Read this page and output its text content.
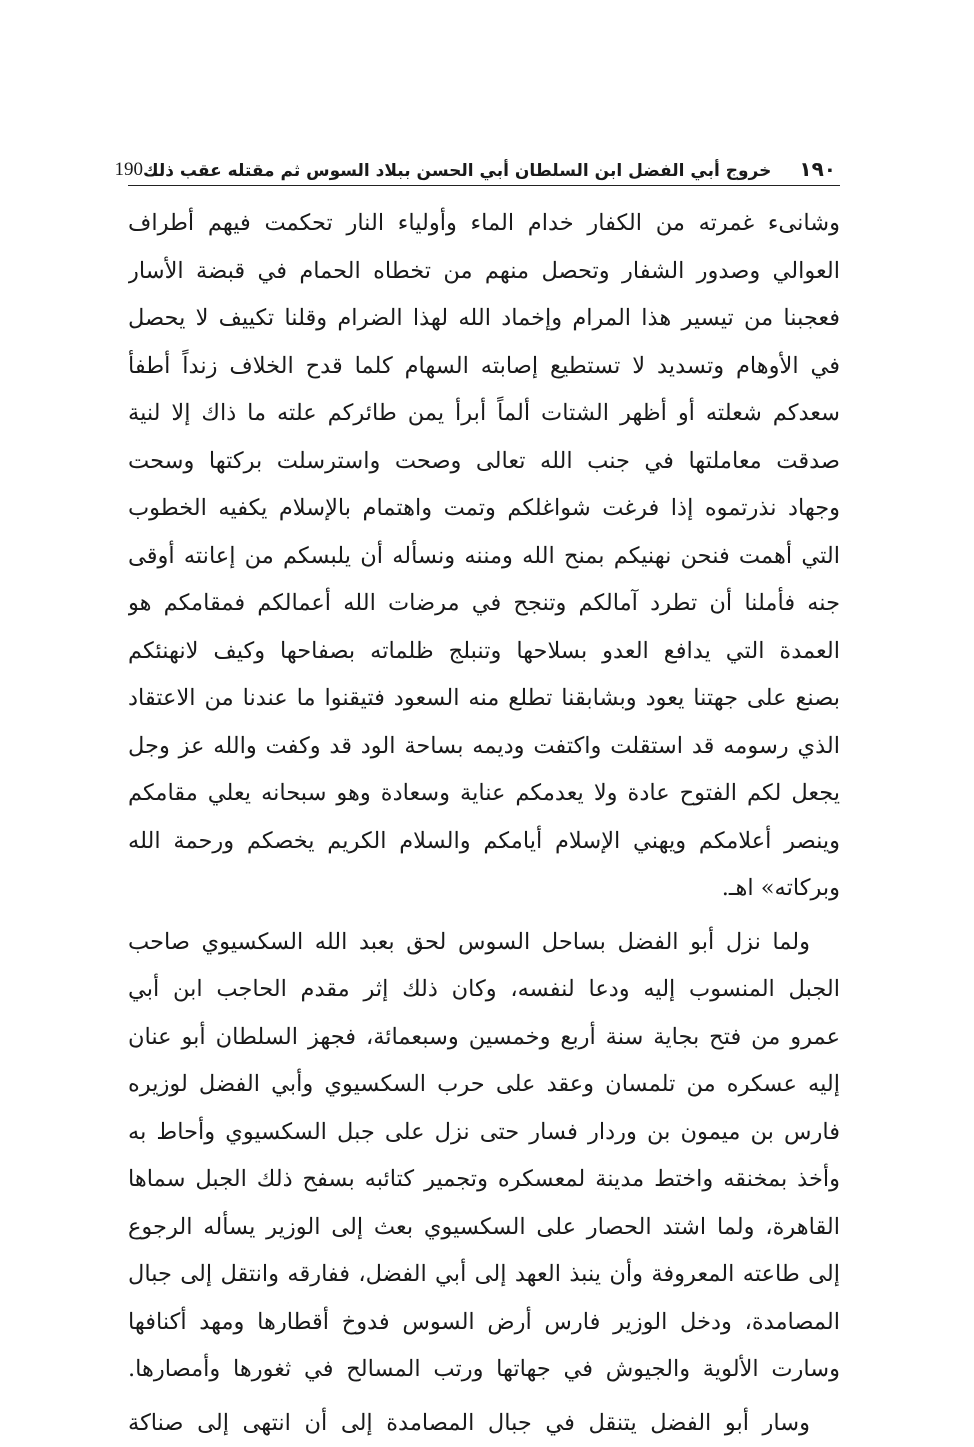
١٩٠
خروج أبي الفضل ابن السلطان أبي الحسن ببلاد السوس ثم مقتله عقب ذلك
190
وشانىء غمرته من الكفار خدام الماء وأولياء النار تحكمت فيهم أطراف
العوالي وصدور الشفار وتحصل منهم من تخطاه الحمام في قبضة الأسار
فعجبنا من تيسير هذا المرام وإخماد الله لهذا الضرام وقلنا تكييف لا يحصل
في الأوهام وتسديد لا تستطيع إصابته السهام كلما قدح الخلاف زنداً أطفأ
سعدكم شعلته أو أظهر الشتات ألماً أبرأ يمن طائركم علته ما ذاك إلا لنية
صدقت معاملتها في جنب الله تعالى وصحت واسترسلت بركتها وسحت
وجهاد نذرتموه إذا فرغت شواغلكم وتمت واهتمام بالإسلام يكفيه الخطوب
التي أهمت فنحن نهنيكم بمنح الله ومننه ونسأله أن يلبسكم من إعانته أوقى
جنه فأملنا أن تطرد آمالكم وتنجح في مرضات الله أعمالكم فمقامكم هو
العمدة التي يدافع العدو بسلاحها وتنبلج ظلماته بصفاحها وكيف لانهنئكم
بصنع على جهتنا يعود وبشابقنا تطلع منه السعود فتيقنوا ما عندنا من الاعتقاد
الذي رسومه قد استقلت واكتفت وديمه بساحة الود قد وكفت والله عز وجل
يجعل لكم الفتوح عادة ولا يعدمكم عناية وسعادة وهو سبحانه يعلي مقامكم
وينصر أعلامكم ويهني الإسلام أيامكم والسلام الكريم يخصكم ورحمة الله
وبركاته» اهـ.
ولما نزل أبو الفضل بساحل السوس لحق بعبد الله السكسيوي صاحب
الجبل المنسوب إليه ودعا لنفسه، وكان ذلك إثر مقدم الحاجب ابن أبي
عمرو من فتح بجاية سنة أربع وخمسين وسبعمائة، فجهز السلطان أبو عنان
إليه عسكره من تلمسان وعقد على حرب السكسيوي وأبي الفضل لوزيره
فارس بن ميمون بن وردار فسار حتى نزل على جبل السكسيوي وأحاط به
وأخذ بمخنقه واختط مدينة لمعسكره وتجمير كتائبه بسفح ذلك الجبل سماها
القاهرة، ولما اشتد الحصار على السكسيوي بعث إلى الوزير يسأله الرجوع
إلى طاعته المعروفة وأن ينبذ العهد إلى أبي الفضل، ففارقه وانتقل إلى جبال
المصامدة، ودخل الوزير فارس أرض السوس فدوخ أقطارها ومهد أكنافها
وسارت الألوية والجيوش في جهاتها ورتب المسالح في ثغورها وأمصارها.
وسار أبو الفضل يتنقل في جبال المصامدة إلى أن انتهى إلى صناكة
